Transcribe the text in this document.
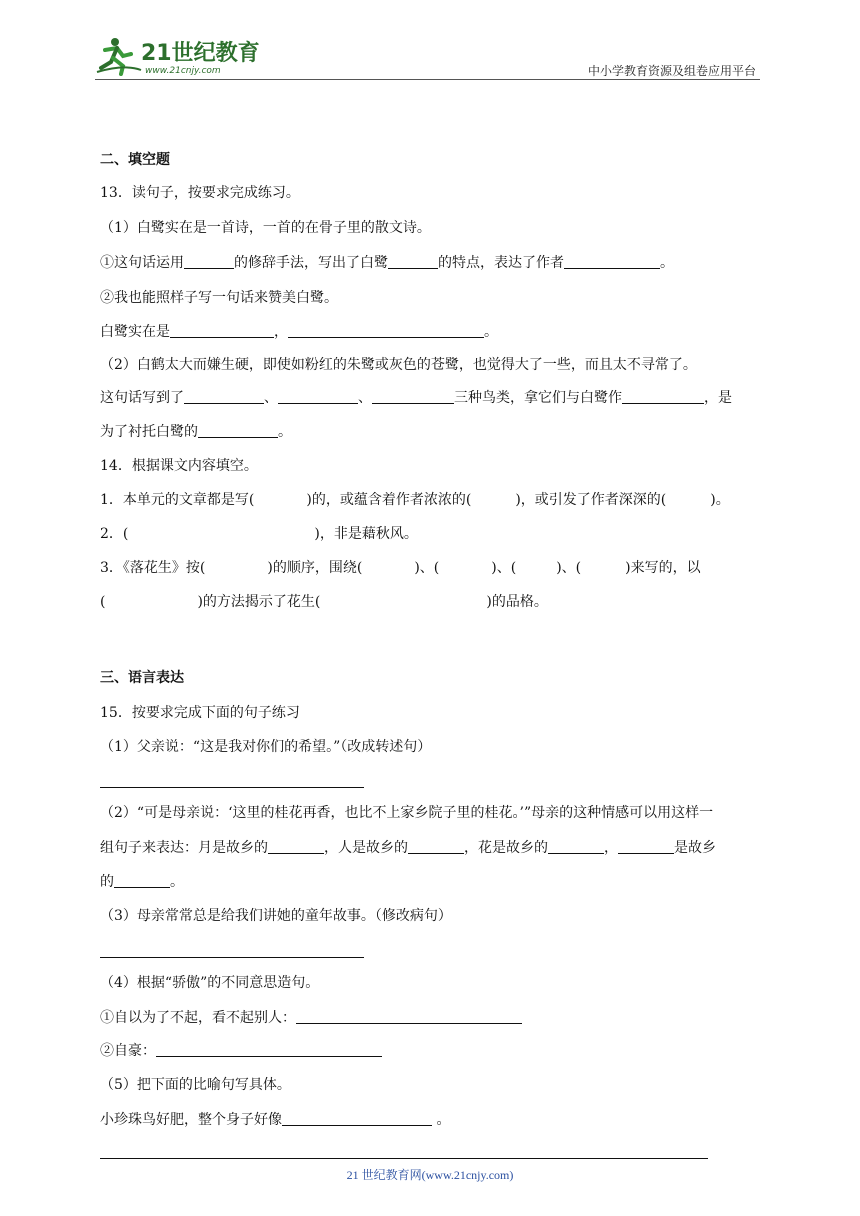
21世纪教育
www.21cnjy.com	中小学教育资源及组卷应用平台
二、填空题
13．读句子，按要求完成练习。
（1）白鹭实在是一首诗，一首的在骨子里的散文诗。
①这句话运用	的修辞手法，写出了白鹭	的特点，表达了作者	。
②我也能照样子写一句话来赞美白鹭。
白鹭实在是	，	。
（2）白鹤太大而嫌生硬，即使如粉红的朱鹭或灰色的苍鹭，也觉得大了一些，而且太不寻常了。
这句话写到了	、	、	三种鸟类，拿它们与白鹭作	，是
为了衬托白鹭的	。
14．根据课文内容填空。
1．本单元的文章都是写(	)的，或蕴含着作者浓浓的(	)，或引发了作者深深的(	)。
2．(	)，非是藉秋风。
3．《落花生》按(	)的顺序，围绕(	)、(	)、(	)、(	)来写的，以
(	)的方法揭示了花生(	)的品格。
三、语言表达
15．按要求完成下面的句子练习
（1）父亲说：“这是我对你们的希望。”（改成转述句）
（2）“可是母亲说：‘这里的桂花再香，也比不上家乡院子里的桂花。’”母亲的这种情感可以用这样一
组句子来表达：月是故乡的	，人是故乡的	，花是故乡的	，	是故乡
的	。
（3）母亲常常总是给我们讲她的童年故事。（修改病句）
（4）根据“骄傲”的不同意思造句。
①自以为了不起，看不起别人：
②自豪：
（5）把下面的比喻句写具体。
小珍珠鸟好肥，整个身子好像	。
21 世纪教育网(www.21cnjy.com)
